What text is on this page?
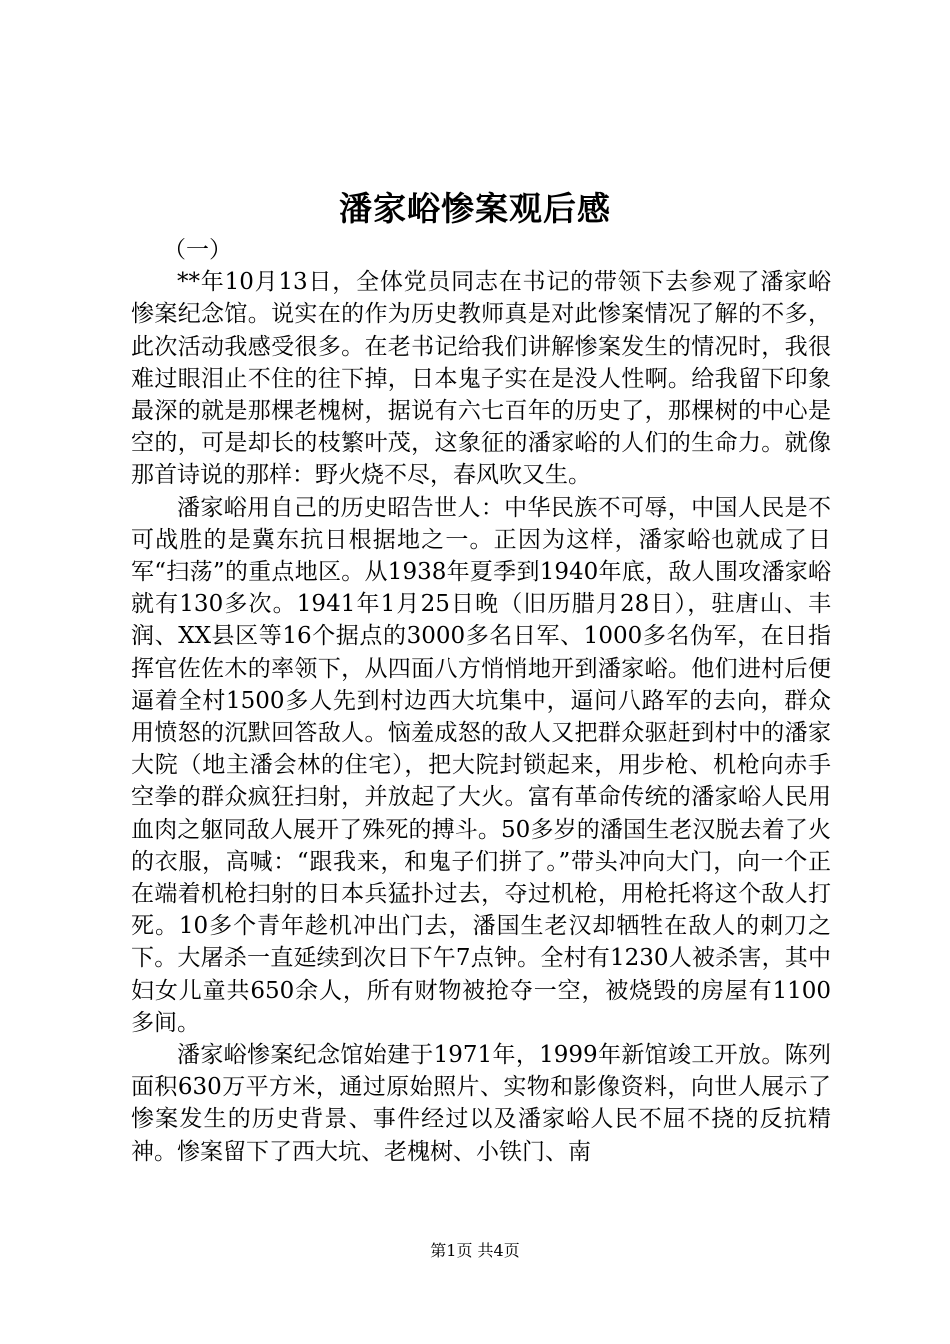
潘家峪惨案观后感
（一）

**年10月13日，全体党员同志在书记的带领下去参观了潘家峪惨案纪念馆。说实在的作为历史教师真是对此惨案情况了解的不多，此次活动我感受很多。在老书记给我们讲解惨案发生的情况时，我很难过眼泪止不住的往下掉，日本鬼子实在是没人性啊。给我留下印象最深的就是那棵老槐树，据说有六七百年的历史了，那棵树的中心是空的，可是却长的枝繁叶茂，这象征的潘家峪的人们的生命力。就像那首诗说的那样：野火烧不尽，春风吹又生。

潘家峪用自己的历史昭告世人：中华民族不可辱，中国人民是不可战胜的是冀东抗日根据地之一。正因为这样，潘家峪也就成了日军“扫荡”的重点地区。从1938年夏季到1940年底，敌人围攻潘家峪就有130多次。1941年1月25日晚（旧历腊月28日），驻唐山、丰润、XX县区等16个据点的3000多名日军、1000多名伪军，在日指挥官佐佐木的率领下，从四面八方悄悄地开到潘家峪。他们进村后便逼着全村1500多人先到村边西大坑集中，逼问八路军的去向，群众用愤怒的沉默回答敌人。恼羞成怒的敌人又把群众驱赶到村中的潘家大院（地主潘会林的住宅），把大院封锁起来，用步枪、机枪向赤手空拳的群众疯狂扫射，并放起了大火。富有革命传统的潘家峪人民用血肉之躯同敌人展开了殊死的搏斗。50多岁的潘国生老汉脱去着了火的衣服，高喊：“跟我来，和鬼子们拼了。”带头冲向大门，向一个正在端着机枪扫射的日本兵猛扑过去，夺过机枪，用枪托将这个敌人打死。10多个青年趁机冲出门去，潘国生老汉却牺牲在敌人的刺刀之下。大屠杀一直延续到次日下午7点钟。全村有1230人被杀害，其中妇女儿童共650余人，所有财物被抢夺一空，被烧毁的房屋有1100多间。

潘家峪惨案纪念馆始建于1971年，1999年新馆竣工开放。陈列面积630万平方米，通过原始照片、实物和影像资料，向世人展示了惨案发生的历史背景、事件经过以及潘家峪人民不屈不挠的反抗精神。惨案留下了西大坑、老槐树、小铁门、南

第1页 共4页
